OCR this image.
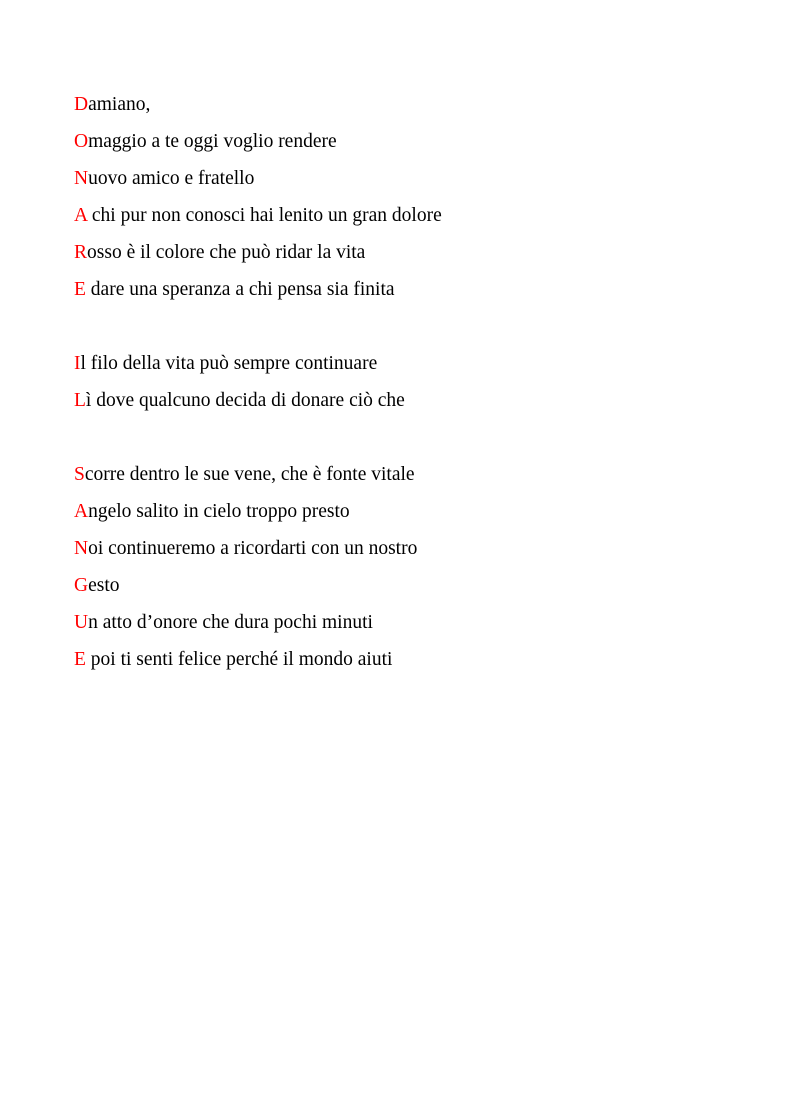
Damiano,
Omaggio a te oggi voglio rendere
Nuovo amico e fratello
A chi pur non conosci hai lenito un gran dolore
Rosso è il colore che può ridar la vita
E dare una speranza a chi pensa sia finita
Il filo della vita può sempre continuare
Lì dove qualcuno decida di donare ciò che
Scorre dentro le sue vene, che è fonte vitale
Angelo salito in cielo troppo presto
Noi continueremo a ricordarti con un nostro
Gesto
Un atto d’onore che dura pochi minuti
E poi ti senti felice perché il mondo aiuti
